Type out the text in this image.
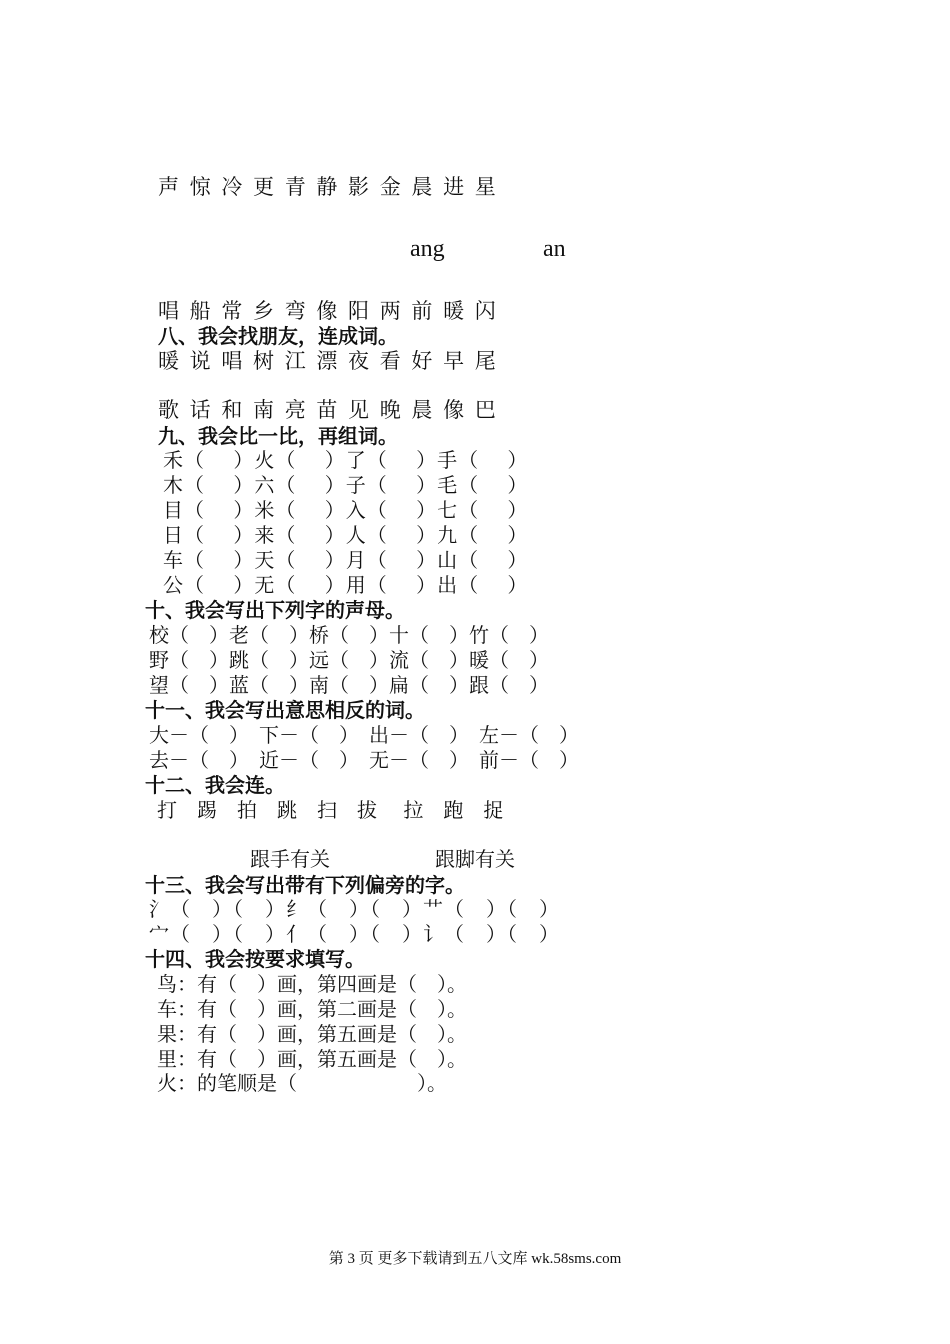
声 惊 冷 更 青 静 影 金 晨 进 星
ang	an
唱 船 常 乡 弯 像 阳 两 前 暖 闪
八、我会找朋友，连成词。
暖 说 唱 树 江 漂 夜 看 好 早 尾
歌 话 和 南 亮 苗 见 晚 晨 像 巴
九、我会比一比，再组词。
禾（　 ）火（　 ）了（　 ）手（　 ）
木（　 ）六（　 ）子（　 ）毛（　 ）
目（　 ）米（　 ）入（　 ）七（　 ）
日（　 ）来（　 ）人（　 ）九（　 ）
车（　 ）天（　 ）月（　 ）山（　 ）
公（　 ）无（　 ）用（　 ）出（　 ）
十、我会写出下列字的声母。
校（　）老（　）桥（　）十（　）竹（　）
野（　）跳（　）远（　）流（　）暖（　）
望（　）蓝（　）南（　）扁（　）跟（　）
十一、我会写出意思相反的词。
大－（　）　下－（　）　出－（　）　左－（　）
去－（　）　近－（　）　无－（　）　前－（　）
十二、我会连。
打　踢　拍　跳　扫　拔　 拉　跑　捉
跟手有关	跟脚有关
十三、我会写出带有下列偏旁的字。
氵（　）（　）纟（　）（　）艹（　）（　）
宀（　）（　）亻（　）（　）讠（　）（　）
十四、我会按要求填写。
鸟：有（　）画，第四画是（　）。
车：有（　）画，第二画是（　）。
果：有（　）画，第五画是（　）。
里：有（　）画，第五画是（　）。
火：的笔顺是（　　　　　　）。
第 3 页 更多下载请到五八文库 wk.58sms.com
